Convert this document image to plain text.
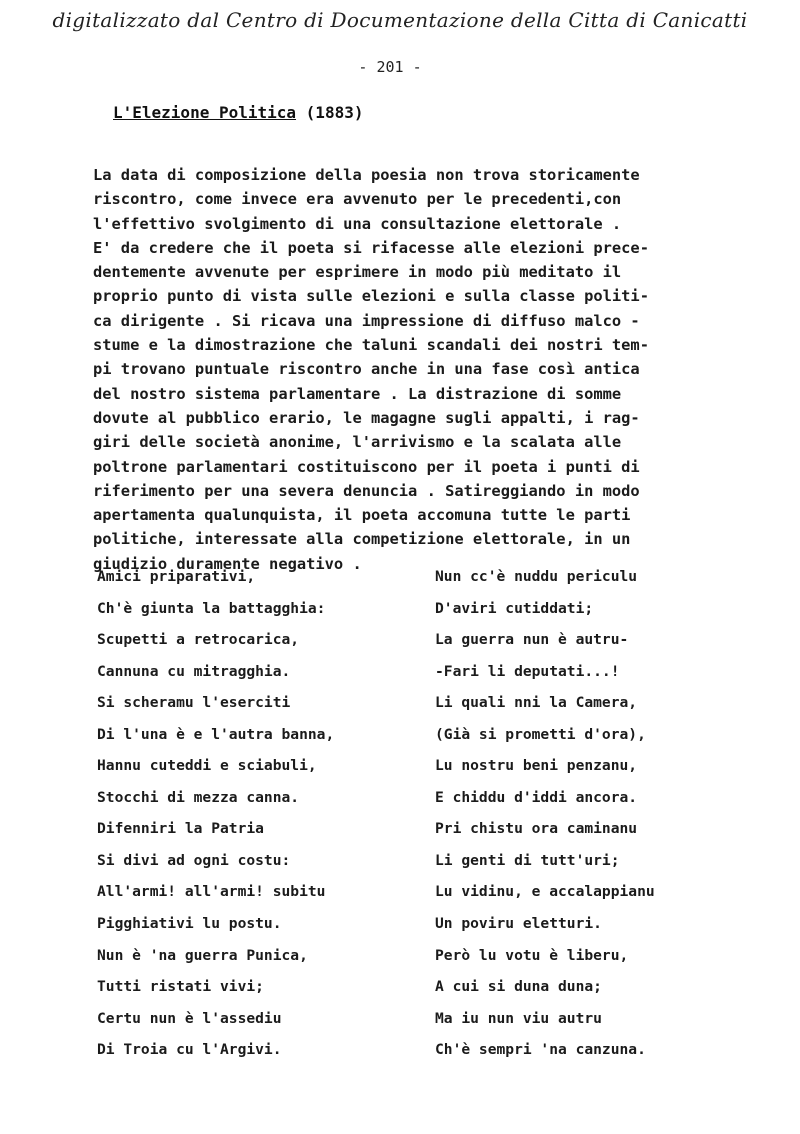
digitalizzato dal Centro di Documentazione della Citta di Canicatti
- 201 -
L'Elezione Politica (1883)
La data di composizione della poesia non trova storicamente
riscontro, come invece era avvenuto per le precedenti,con
l'effettivo svolgimento di una consultazione elettorale .
E' da credere che il poeta si rifacesse alle elezioni prece-
dentemente avvenute per esprimere in modo più meditato il
proprio punto di vista sulle elezioni e sulla classe politi-
ca dirigente . Si ricava una impressione di diffuso malco -
stume e la dimostrazione che taluni scandali dei nostri tem-
pi trovano puntuale riscontro anche in una fase così antica
del nostro sistema parlamentare . La distrazione di somme
dovute al pubblico erario, le magagne sugli appalti, i rag-
giri delle società anonime, l'arrivismo e la scalata alle
poltrone parlamentari costituiscono per il poeta i punti di
riferimento per una severa denuncia . Satireggiando in modo
apertamenta qualunquista, il poeta accomuna tutte le parti
politiche, interessate alla competizione elettorale, in un
giudizio duramente negativo .
Amici priparativi,
Ch'è giunta la battagghia:
Scupetti a retrocarica,
Cannuna cu mitragghia.
Si scheramu l'eserciti
Di l'una è e l'autra banna,
Hannu cuteddi e sciabuli,
Stocchi di mezza canna.
Difenniri la Patria
Si divi ad ogni costu:
All'armi! all'armi! subitu
Pigghiativi lu postu.
Nun è 'na guerra Punica,
Tutti ristati vivi;
Certu nun è l'assediu
Di Troia cu l'Argivi.
Nun cc'è nuddu periculu
D'aviri cutiddati;
La guerra nun è autru-
-Fari li deputati...!
Li quali nni la Camera,
(Già si prometti d'ora),
Lu nostru beni penzanu,
E chiddu d'iddi ancora.
Pri chistu ora caminanu
Li genti di tutt'uri;
Lu vidinu, e accalappianu
Un poviru eletturi.
Però lu votu è liberu,
A cui si duna duna;
Ma iu nun viu autru
Ch'è sempri 'na canzuna.
